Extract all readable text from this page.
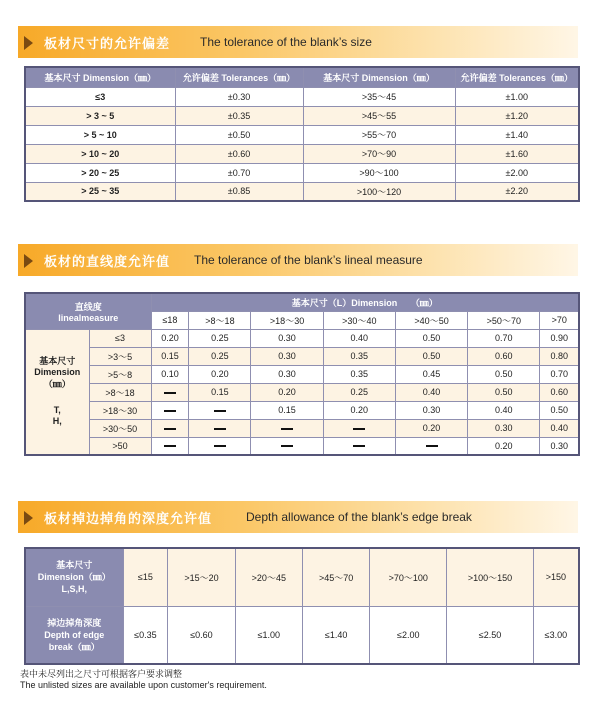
板材尺寸的允许偏差 The tolerance of the blank’s size
基本尺寸 Dimension（㎜）	允许偏差 Tolerances（㎜）	基本尺寸 Dimension（㎜）	允许偏差 Tolerances（㎜）
≤3	±0.30	>35～45	±1.00
> 3 ~ 5	±0.35	>45～55	±1.20
> 5 ~ 10	±0.50	>55～70	±1.40
> 10 ~ 20	±0.60	>70～90	±1.60
> 20 ~ 25	±0.70	>90～100	±2.00
> 25 ~ 35	±0.85	>100～120	±2.20
板材的直线度允许值 The tolerance of the blank’s lineal measure
直线度
linealmeasure		基本尺寸（L）Dimension　　（㎜）						
		≤18	>8～18	>18～30	>30～40	>40～50	>50～70	>70

基本尺寸
Dimension
（㎜）
T,
H,	≤3	0.20	0.25	0.30	0.40	0.50	0.70	0.90
	>3～5	0.15	0.25	0.30	0.35	0.50	0.60	0.80
	>5～8	0.10	0.20	0.30	0.35	0.45	0.50	0.70
	>8～18		0.15	0.20	0.25	0.40	0.50	0.60
	>18～30			0.15	0.20	0.30	0.40	0.50
	>30～50					0.20	0.30	0.40
	>50						0.20	0.30
板材掉边掉角的深度允许值	Depth allowance of the blank’s edge break
基本尺寸
Dimension（㎜）
L,S,H,	≤15	>15～20	>20～45	>45～70	>70～100	>100～150	>150

掉边掉角深度
Depth of edge
break（㎜）	≤0.35	≤0.60	≤1.00	≤1.40	≤2.00	≤2.50	≤3.00
表中未尽列出之尺寸可根据客户要求调整
The unlisted sizes are available upon customer's requirement.
